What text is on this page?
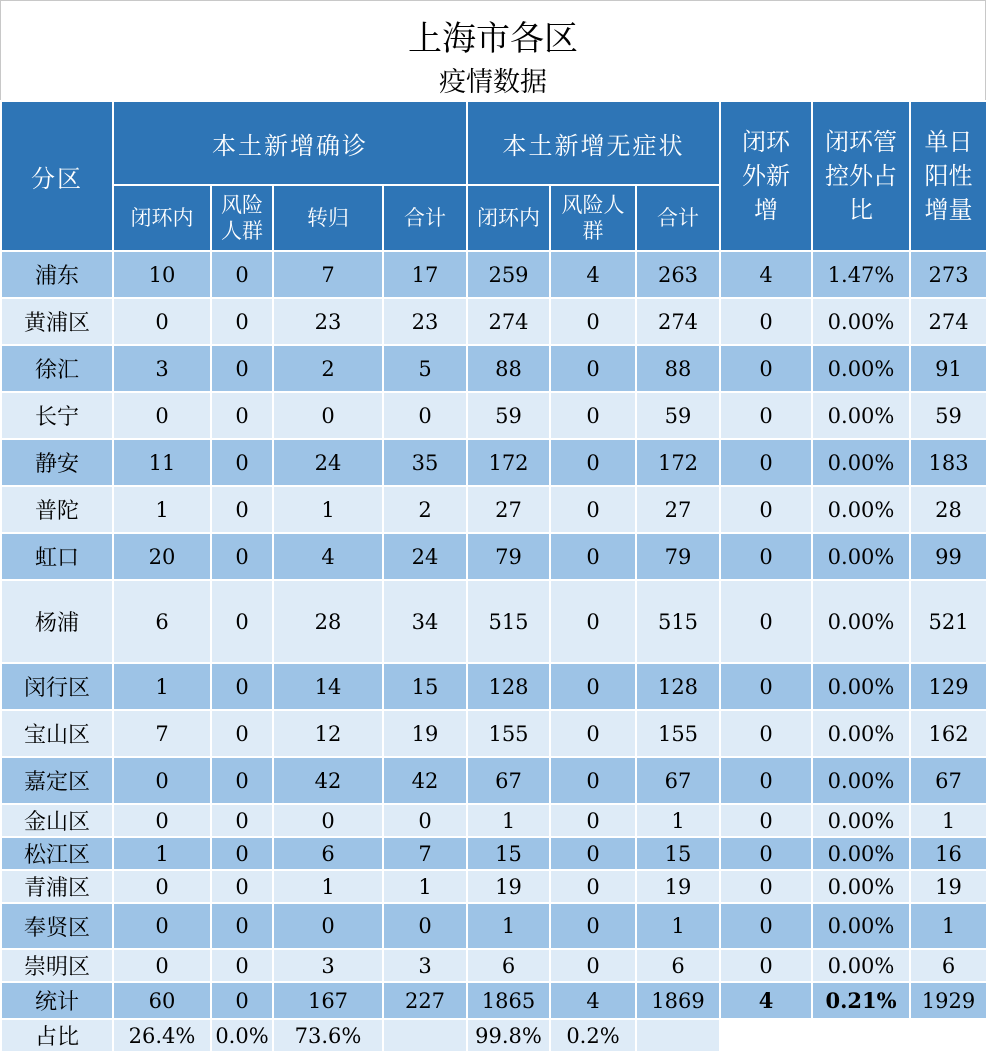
上海市各区
疫情数据
分区	本土新增确诊				本土新增无症状			闭环外新增	闭环管控外占比	单日阳性增量

	闭环内	风险人群	转归	合计	闭环内	风险人群	合计			
浦东	10	0	7	17	259	4	263	4	1.47%	273
黄浦区	0	0	23	23	274	0	274	0	0.00%	274
徐汇	3	0	2	5	88	0	88	0	0.00%	91
长宁	0	0	0	0	59	0	59	0	0.00%	59
静安	11	0	24	35	172	0	172	0	0.00%	183
普陀	1	0	1	2	27	0	27	0	0.00%	28
虹口	20	0	4	24	79	0	79	0	0.00%	99
杨浦	6	0	28	34	515	0	515	0	0.00%	521
闵行区	1	0	14	15	128	0	128	0	0.00%	129
宝山区	7	0	12	19	155	0	155	0	0.00%	162
嘉定区	0	0	42	42	67	0	67	0	0.00%	67
金山区	0	0	0	0	1	0	1	0	0.00%	1
松江区	1	0	6	7	15	0	15	0	0.00%	16
青浦区	0	0	1	1	19	0	19	0	0.00%	19
奉贤区	0	0	0	0	1	0	1	0	0.00%	1
崇明区	0	0	3	3	6	0	6	0	0.00%	6
统计	60	0	167	227	1865	4	1869	4	0.21%	1929
占比	26.4%	0.0%	73.6%		99.8%	0.2%				
